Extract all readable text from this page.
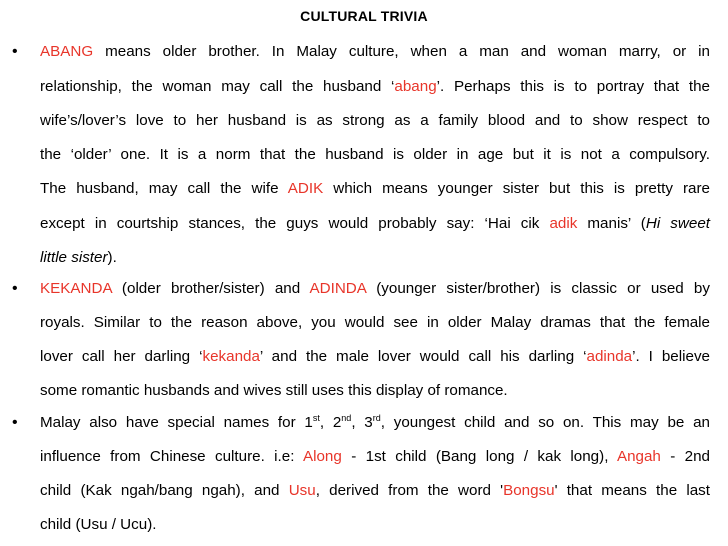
CULTURAL TRIVIA
• ABANG means older brother. In Malay culture, when a man and woman marry, or in
relationship, the woman may call the husband ‘abang’. Perhaps this is to portray that the
wife’s/lover’s love to her husband is as strong as a family blood and to show respect to
the ‘older’ one. It is a norm that the husband is older in age but it is not a compulsory.
The husband, may call the wife ADIK which means younger sister but this is pretty rare
except in courtship stances, the guys would probably say: ‘Hai cik adik manis’ (Hi sweet
little sister).
• KEKANDA (older brother/sister) and ADINDA (younger sister/brother) is classic or used by
royals. Similar to the reason above, you would see in older Malay dramas that the female
lover call her darling ‘kekanda’ and the male lover would call his darling ‘adinda’. I believe
some romantic husbands and wives still uses this display of romance.
• Malay also have special names for 1st, 2nd, 3rd, youngest child and so on. This may be an
influence from Chinese culture. i.e: Along - 1st child (Bang long / kak long), Angah - 2nd
child (Kak ngah/bang ngah), and Usu, derived from the word 'Bongsu' that means the last
child (Usu / Ucu).
